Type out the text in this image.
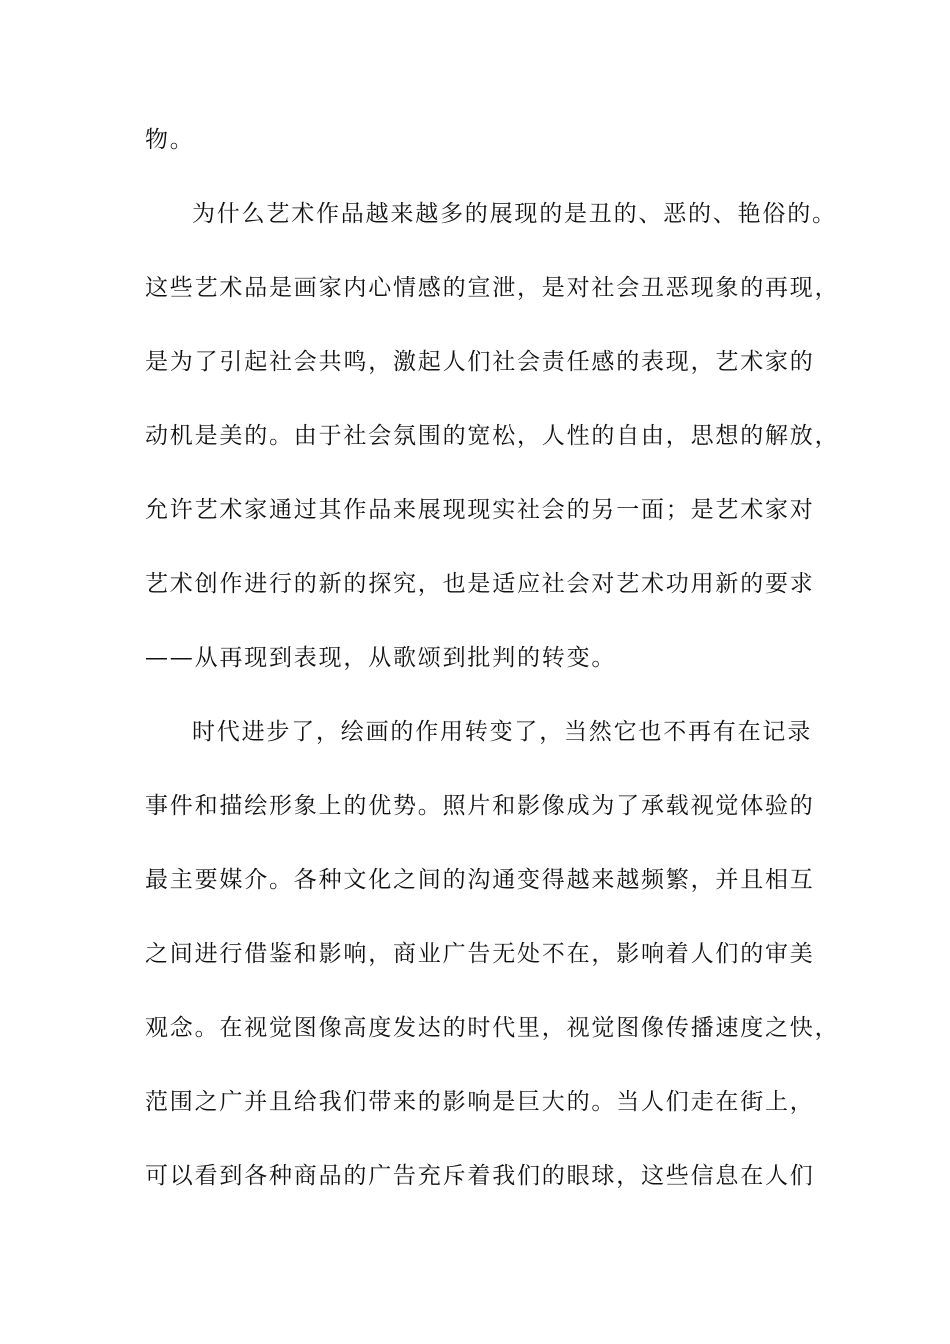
物。
为什么艺术作品越来越多的展现的是丑的、恶的、艳俗的。
这些艺术品是画家内心情感的宣泄，是对社会丑恶现象的再现，
是为了引起社会共鸣，激起人们社会责任感的表现，艺术家的
动机是美的。由于社会氛围的宽松，人性的自由，思想的解放，
允许艺术家通过其作品来展现现实社会的另一面；是艺术家对
艺术创作进行的新的探究，也是适应社会对艺术功用新的要求
——从再现到表现，从歌颂到批判的转变。
时代进步了，绘画的作用转变了，当然它也不再有在记录
事件和描绘形象上的优势。照片和影像成为了承载视觉体验的
最主要媒介。各种文化之间的沟通变得越来越频繁，并且相互
之间进行借鉴和影响，商业广告无处不在，影响着人们的审美
观念。在视觉图像高度发达的时代里，视觉图像传播速度之快，
范围之广并且给我们带来的影响是巨大的。当人们走在街上，
可以看到各种商品的广告充斥着我们的眼球，这些信息在人们
